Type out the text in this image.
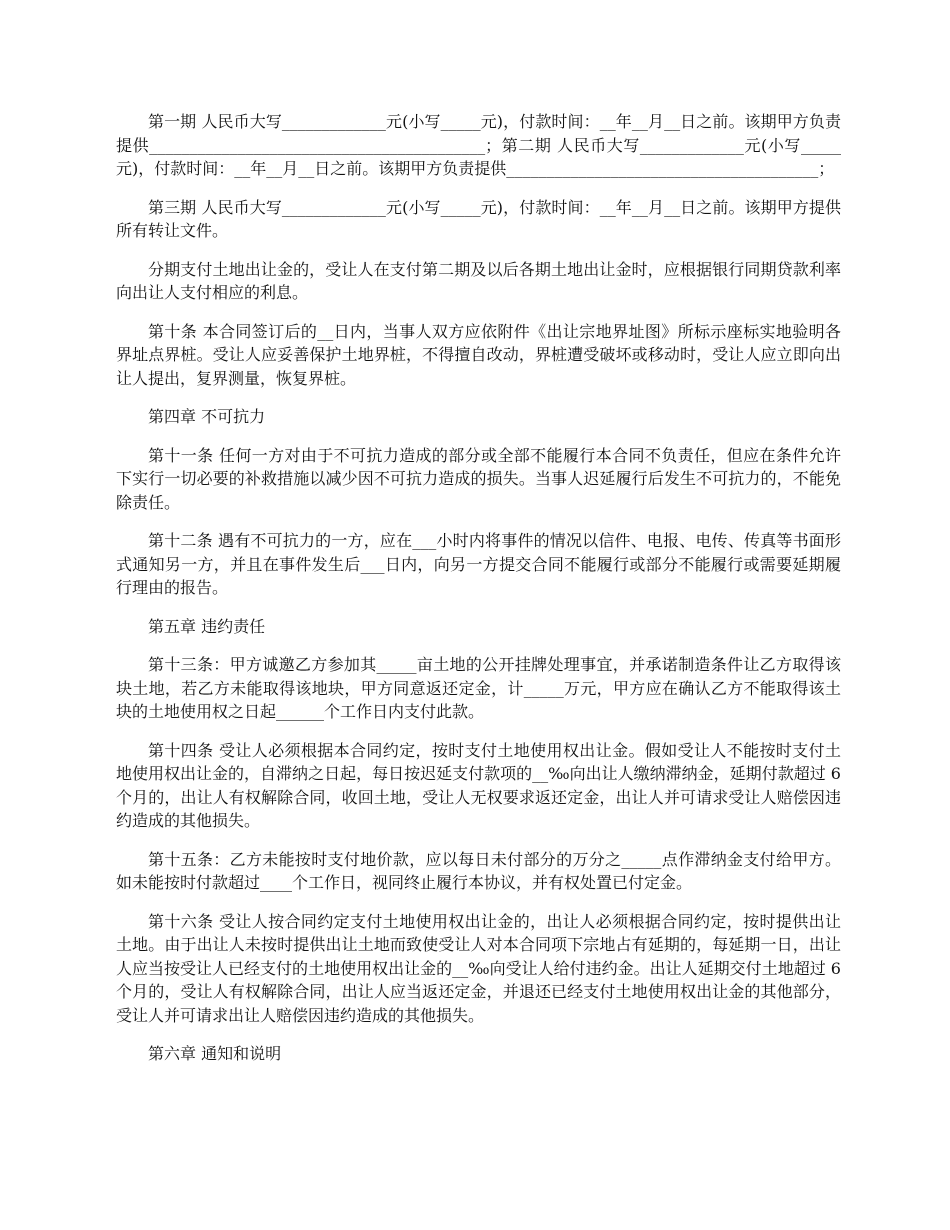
第一期 人民币大写_____________元(小写_____元)，付款时间：__年__月__日之前。该期甲方负责提供__________________________________________；第二期 人民币大写_____________元(小写_____元)，付款时间：__年__月__日之前。该期甲方负责提供_______________________________________；

第三期 人民币大写_____________元(小写_____元)，付款时间：__年__月__日之前。该期甲方提供所有转让文件。

分期支付土地出让金的，受让人在支付第二期及以后各期土地出让金时，应根据银行同期贷款利率向出让人支付相应的利息。

第十条 本合同签订后的__日内，当事人双方应依附件《出让宗地界址图》所标示座标实地验明各界址点界桩。受让人应妥善保护土地界桩，不得擅自改动，界桩遭受破坏或移动时，受让人应立即向出让人提出，复界测量，恢复界桩。

第四章 不可抗力

第十一条 任何一方对由于不可抗力造成的部分或全部不能履行本合同不负责任，但应在条件允许下实行一切必要的补救措施以减少因不可抗力造成的损失。当事人迟延履行后发生不可抗力的，不能免除责任。

第十二条 遇有不可抗力的一方，应在___小时内将事件的情况以信件、电报、电传、传真等书面形式通知另一方，并且在事件发生后___日内，向另一方提交合同不能履行或部分不能履行或需要延期履行理由的报告。

第五章 违约责任

第十三条：甲方诚邀乙方参加其_____亩土地的公开挂牌处理事宜，并承诺制造条件让乙方取得该块土地，若乙方未能取得该地块，甲方同意返还定金，计_____万元，甲方应在确认乙方不能取得该土块的土地使用权之日起______个工作日内支付此款。

第十四条 受让人必须根据本合同约定，按时支付土地使用权出让金。假如受让人不能按时支付土地使用权出让金的，自滞纳之日起，每日按迟延支付款项的__‰向出让人缴纳滞纳金，延期付款超过 6 个月的，出让人有权解除合同，收回土地，受让人无权要求返还定金，出让人并可请求受让人赔偿因违约造成的其他损失。

第十五条：乙方未能按时支付地价款，应以每日未付部分的万分之_____点作滞纳金支付给甲方。如未能按时付款超过____个工作日，视同终止履行本协议，并有权处置已付定金。

第十六条 受让人按合同约定支付土地使用权出让金的，出让人必须根据合同约定，按时提供出让土地。由于出让人未按时提供出让土地而致使受让人对本合同项下宗地占有延期的，每延期一日，出让人应当按受让人已经支付的土地使用权出让金的__‰向受让人给付违约金。出让人延期交付土地超过 6 个月的，受让人有权解除合同，出让人应当返还定金，并退还已经支付土地使用权出让金的其他部分，受让人并可请求出让人赔偿因违约造成的其他损失。

第六章 通知和说明
